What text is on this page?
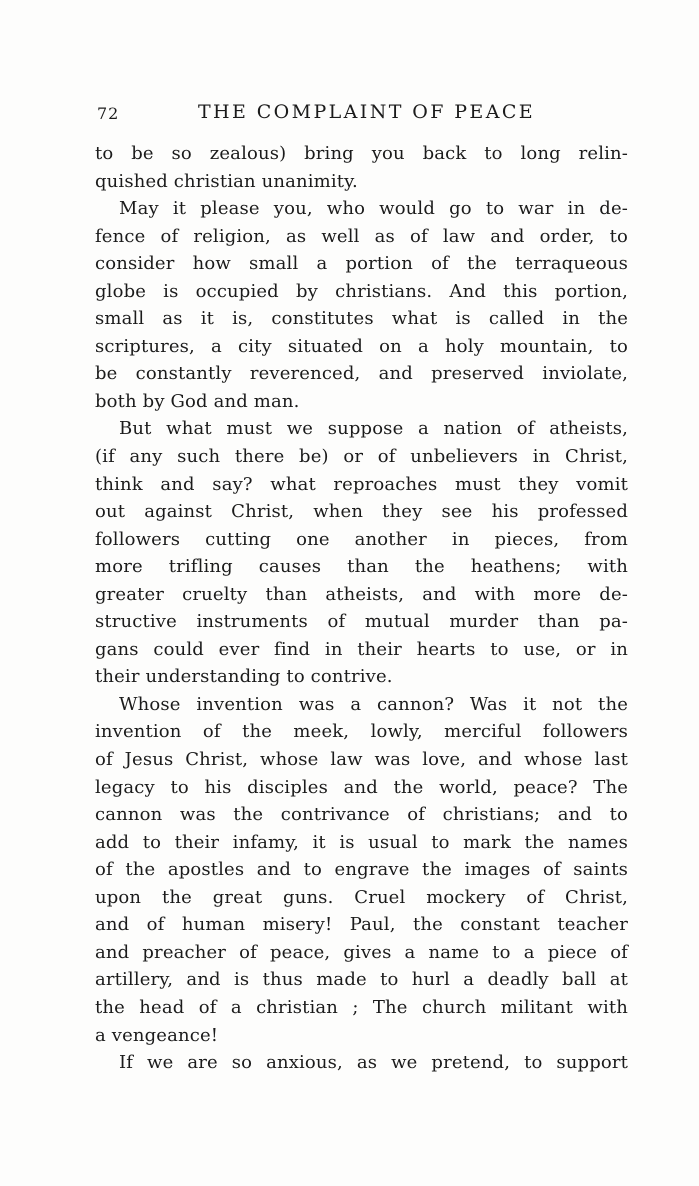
72	THE COMPLAINT OF PEACE
to be so zealous) bring you back to long relin-
quished christian unanimity.
May it please you, who would go to war in de-
fence of religion, as well as of law and order, to
consider how small a portion of the terraqueous
globe is occupied by christians. And this portion,
small as it is, constitutes what is called in the
scriptures, a city situated on a holy mountain, to
be constantly reverenced, and preserved inviolate,
both by God and man.
But what must we suppose a nation of atheists,
(if any such there be) or of unbelievers in Christ,
think and say? what reproaches must they vomit
out against Christ, when they see his professed
followers cutting one another in pieces, from
more trifling causes than the heathens; with
greater cruelty than atheists, and with more de-
structive instruments of mutual murder than pa-
gans could ever find in their hearts to use, or in
their understanding to contrive.
Whose invention was a cannon? Was it not the
invention of the meek, lowly, merciful followers
of Jesus Christ, whose law was love, and whose last
legacy to his disciples and the world, peace? The
cannon was the contrivance of christians; and to
add to their infamy, it is usual to mark the names
of the apostles and to engrave the images of saints
upon the great guns. Cruel mockery of Christ,
and of human misery! Paul, the constant teacher
and preacher of peace, gives a name to a piece of
artillery, and is thus made to hurl a deadly ball at
the head of a christian ; The church militant with
a vengeance!
If we are so anxious, as we pretend, to support
